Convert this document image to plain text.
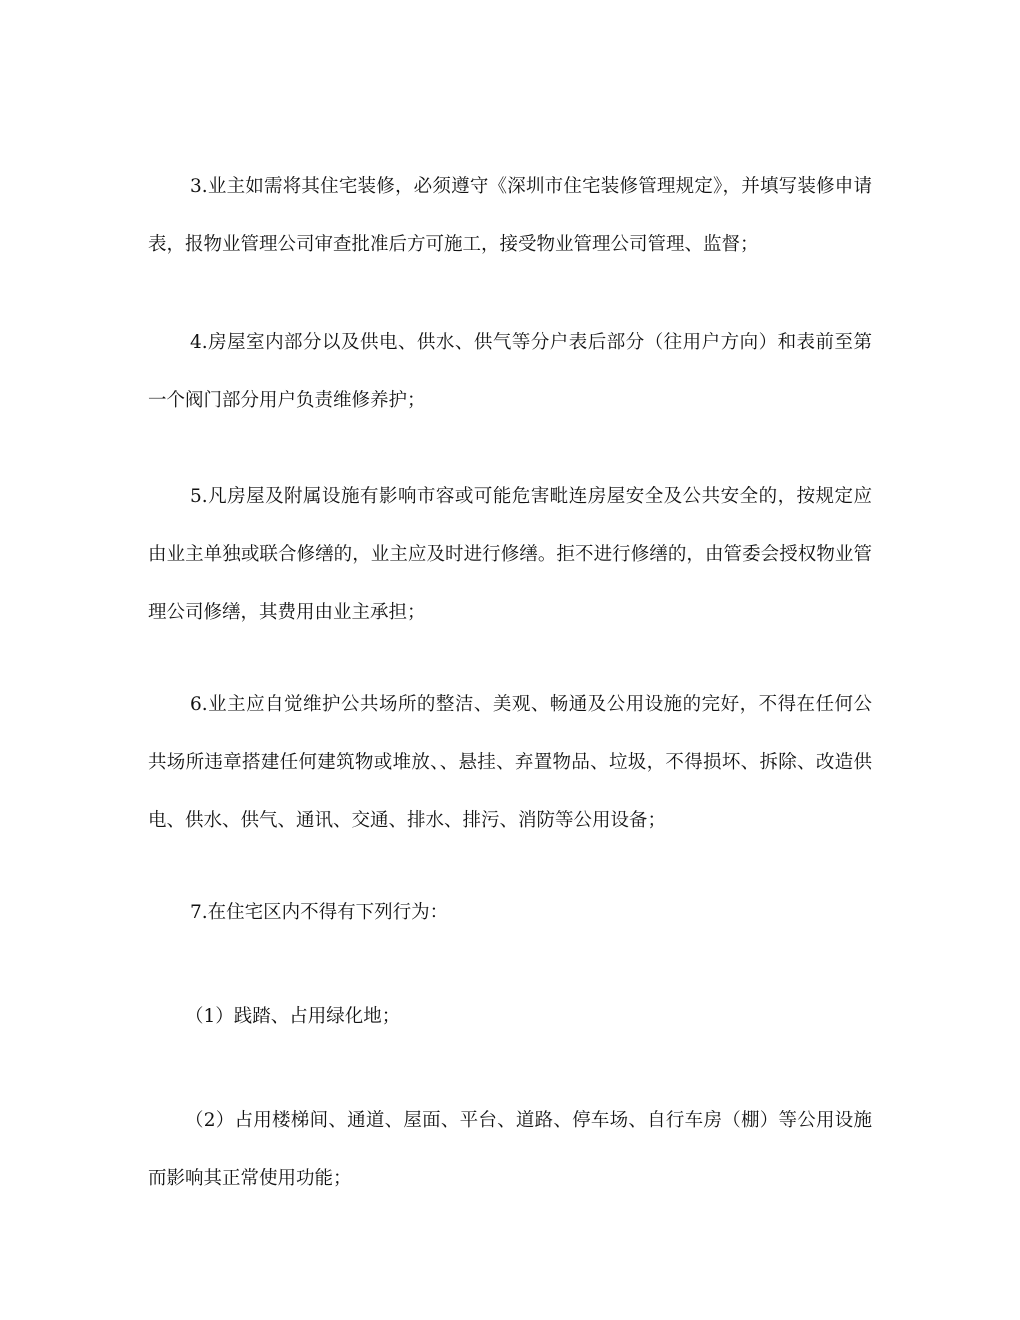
3.业主如需将其住宅装修，必须遵守《深圳市住宅装修管理规定》，并填写装修申请表，报物业管理公司审查批准后方可施工，接受物业管理公司管理、监督；

4.房屋室内部分以及供电、供水、供气等分户表后部分（往用户方向）和表前至第一个阀门部分用户负责维修养护；

5.凡房屋及附属设施有影响市容或可能危害毗连房屋安全及公共安全的，按规定应由业主单独或联合修缮的，业主应及时进行修缮。拒不进行修缮的，由管委会授权物业管理公司修缮，其费用由业主承担；

6.业主应自觉维护公共场所的整洁、美观、畅通及公用设施的完好，不得在任何公共场所违章搭建任何建筑物或堆放、、悬挂、弃置物品、垃圾，不得损坏、拆除、改造供电、供水、供气、通讯、交通、排水、排污、消防等公用设备；

7.在住宅区内不得有下列行为：

（1）践踏、占用绿化地；

（2）占用楼梯间、通道、屋面、平台、道路、停车场、自行车房（棚）等公用设施而影响其正常使用功能；
